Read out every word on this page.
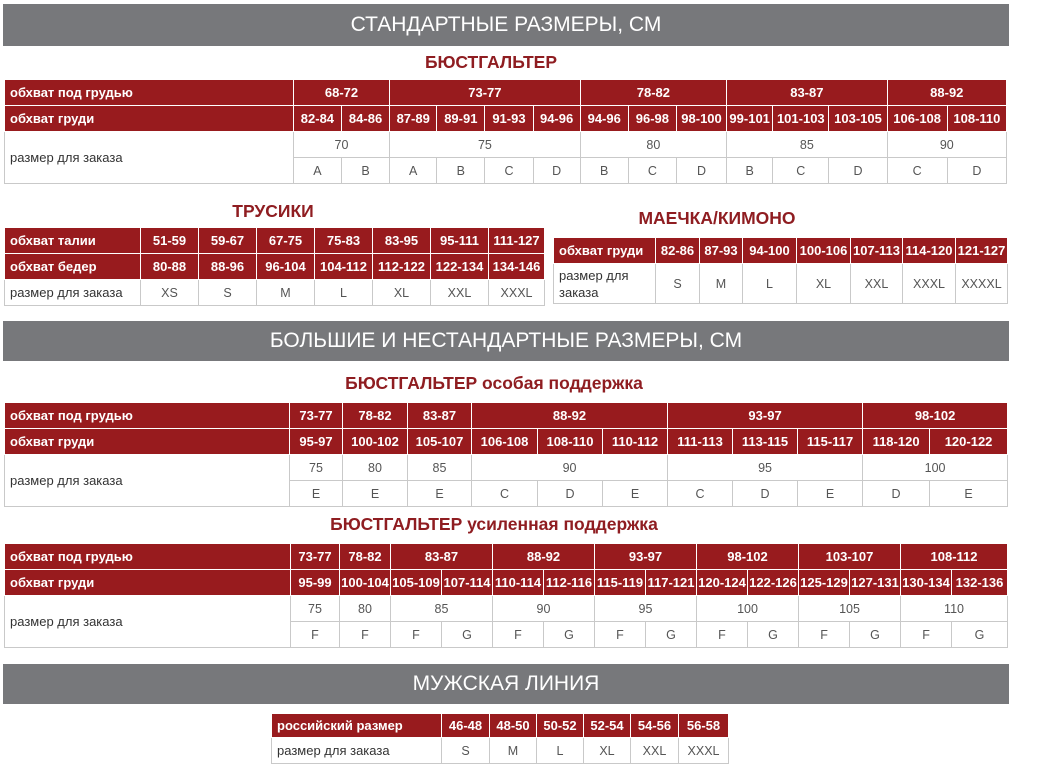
СТАНДАРТНЫЕ РАЗМЕРЫ, СМ
БЮСТГАЛЬТЕР
обхват под грудью	68-72		73-77				78-82			83-87			88-92	
обхват груди	82-84	84-86	87-89	89-91	91-93	94-96	94-96	96-98	98-100	99-101	101-103	103-105	106-108	108-110
размер для заказа	70		75				80			85			90	
	A	B	A	B	C	D	B	C	D	B	C	D	C	D
ТРУСИКИ
обхват талии	51-59	59-67	67-75	75-83	83-95	95-111	111-127
обхват бедер	80-88	88-96	96-104	104-112	112-122	122-134	134-146
размер для заказа	XS	S	M	L	XL	XXL	XXXL
МАЕЧКА/КИМОНО
обхват груди	82-86	87-93	94-100	100-106	107-113	114-120	121-127
размер для заказа	S	M	L	XL	XXL	XXXL	XXXXL
БОЛЬШИЕ И НЕСТАНДАРТНЫЕ РАЗМЕРЫ, СМ
БЮСТГАЛЬТЕР особая поддержка
обхват под грудью	73-77	78-82	83-87	88-92			93-97			98-102	
обхват груди	95-97	100-102	105-107	106-108	108-110	110-112	111-113	113-115	115-117	118-120	120-122
размер для заказа	75	80	85	90			95			100	
	E	E	E	C	D	E	C	D	E	D	E
БЮСТГАЛЬТЕР усиленная поддержка
обхват под грудью	73-77	78-82	83-87		88-92		93-97		98-102		103-107		108-112	
обхват груди	95-99	100-104	105-109	107-114	110-114	112-116	115-119	117-121	120-124	122-126	125-129	127-131	130-134	132-136
размер для заказа	75	80	85		90		95		100		105		110	
	F	F	F	G	F	G	F	G	F	G	F	G	F	G
МУЖСКАЯ ЛИНИЯ
российский размер	46-48	48-50	50-52	52-54	54-56	56-58
размер для заказа	S	M	L	XL	XXL	XXXL
